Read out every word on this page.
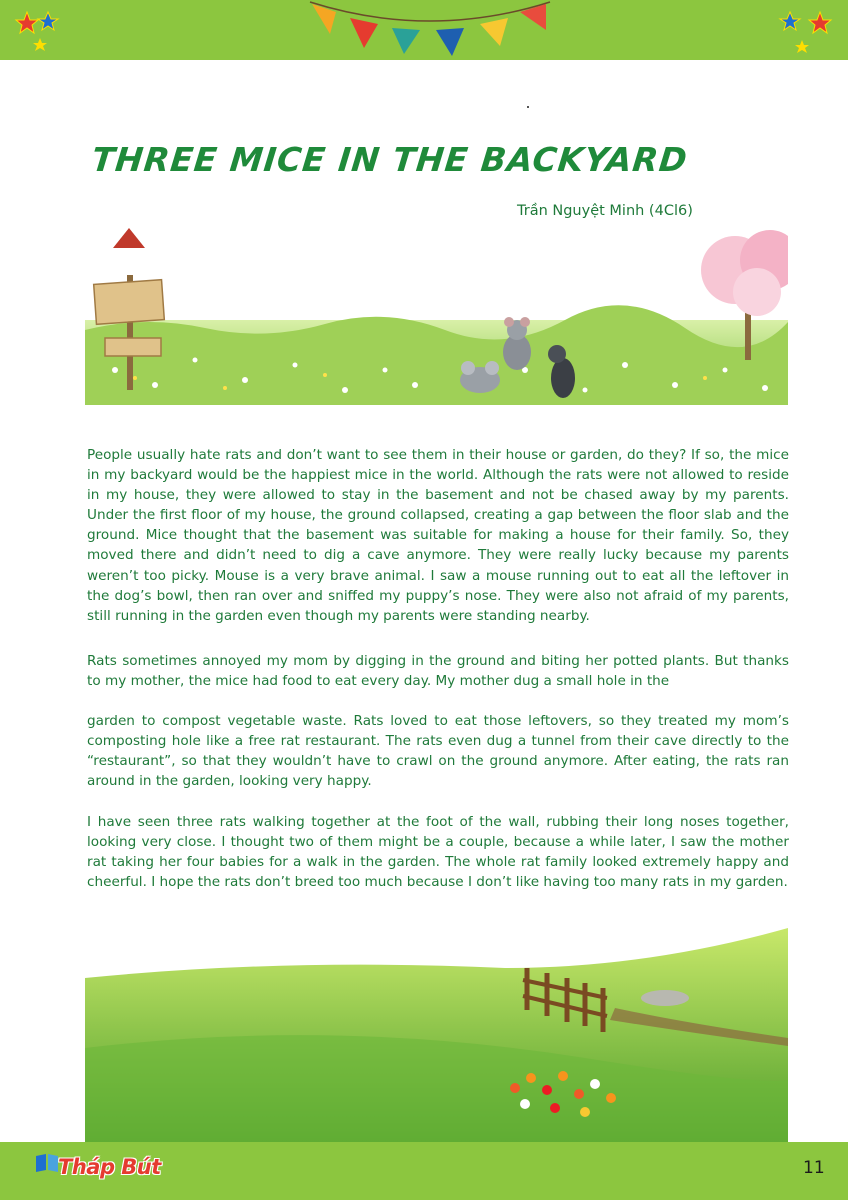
THREE MICE IN THE BACKYARD
Trần Nguyệt Minh (4Cl6)

People usually hate rats and don’t want to see them in their house or garden, do they? If so, the mice in my backyard would be the happiest mice in the world. Although the rats were not allowed to reside in my house, they were allowed to stay in the basement and not be chased away by my parents. Under the first floor of my house, the ground collapsed, creating a gap between the floor slab and the ground. Mice thought that the basement was suitable for making a house for their family. So, they moved there and didn’t need to dig a cave anymore. They were really lucky because my parents weren’t too picky. Mouse is a very brave animal. I saw a mouse running out to eat all the leftover in the dog’s bowl, then ran over and sniffed my puppy’s nose. They were also not afraid of my parents, still running in the garden even though my parents were standing nearby.

Rats sometimes annoyed my mom by digging in the ground and biting her potted plants. But thanks to my mother, the mice had food to eat every day. My mother dug a small hole in the

garden to compost vegetable waste. Rats loved to eat those leftovers, so they treated my mom’s composting hole like a free rat restaurant. The rats even dug a tunnel from their cave directly to the “restaurant”, so that they wouldn’t have to crawl on the ground anymore. After eating, the rats ran around in the garden, looking very happy.

I have seen three rats walking together at the foot of the wall, rubbing their long noses together, looking very close. I thought two of them might be a couple, because a while later, I saw the mother rat taking her four babies for a walk in the garden. The whole rat family looked extremely happy and cheerful. I hope the rats don’t breed too much because I don’t like having too many rats in my garden.

Tháp Bút	11
